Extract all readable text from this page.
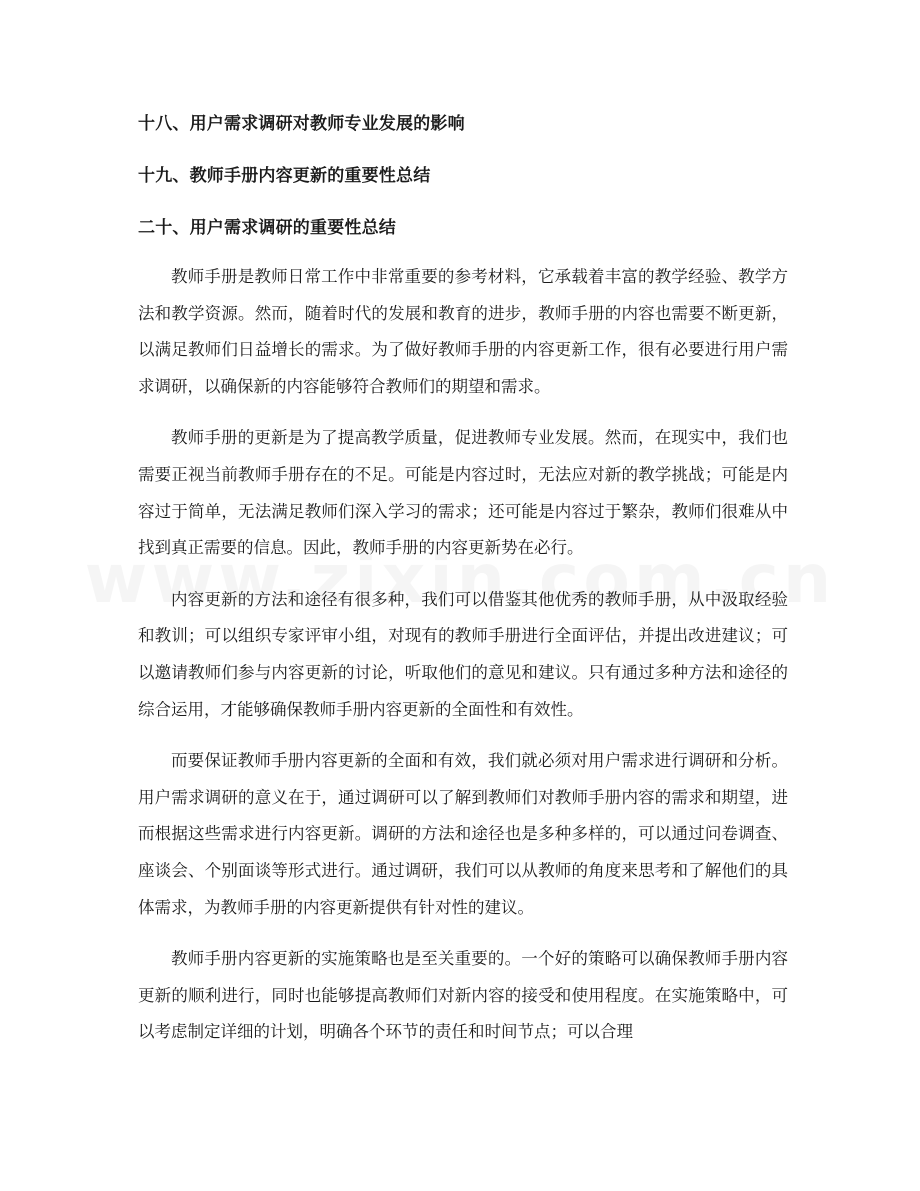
十八、用户需求调研对教师专业发展的影响
十九、教师手册内容更新的重要性总结
二十、用户需求调研的重要性总结

教师手册是教师日常工作中非常重要的参考材料，它承载着丰富的教学经验、教学方法和教学资源。然而，随着时代的发展和教育的进步，教师手册的内容也需要不断更新，以满足教师们日益增长的需求。为了做好教师手册的内容更新工作，很有必要进行用户需求调研，以确保新的内容能够符合教师们的期望和需求。

教师手册的更新是为了提高教学质量，促进教师专业发展。然而，在现实中，我们也需要正视当前教师手册存在的不足。可能是内容过时，无法应对新的教学挑战；可能是内容过于简单，无法满足教师们深入学习的需求；还可能是内容过于繁杂，教师们很难从中找到真正需要的信息。因此，教师手册的内容更新势在必行。

内容更新的方法和途径有很多种，我们可以借鉴其他优秀的教师手册，从中汲取经验和教训；可以组织专家评审小组，对现有的教师手册进行全面评估，并提出改进建议；可以邀请教师们参与内容更新的讨论，听取他们的意见和建议。只有通过多种方法和途径的综合运用，才能够确保教师手册内容更新的全面性和有效性。

而要保证教师手册内容更新的全面和有效，我们就必须对用户需求进行调研和分析。用户需求调研的意义在于，通过调研可以了解到教师们对教师手册内容的需求和期望，进而根据这些需求进行内容更新。调研的方法和途径也是多种多样的，可以通过问卷调查、座谈会、个别面谈等形式进行。通过调研，我们可以从教师的角度来思考和了解他们的具体需求，为教师手册的内容更新提供有针对性的建议。

教师手册内容更新的实施策略也是至关重要的。一个好的策略可以确保教师手册内容更新的顺利进行，同时也能够提高教师们对新内容的接受和使用程度。在实施策略中，可以考虑制定详细的计划，明确各个环节的责任和时间节点；可以合理
